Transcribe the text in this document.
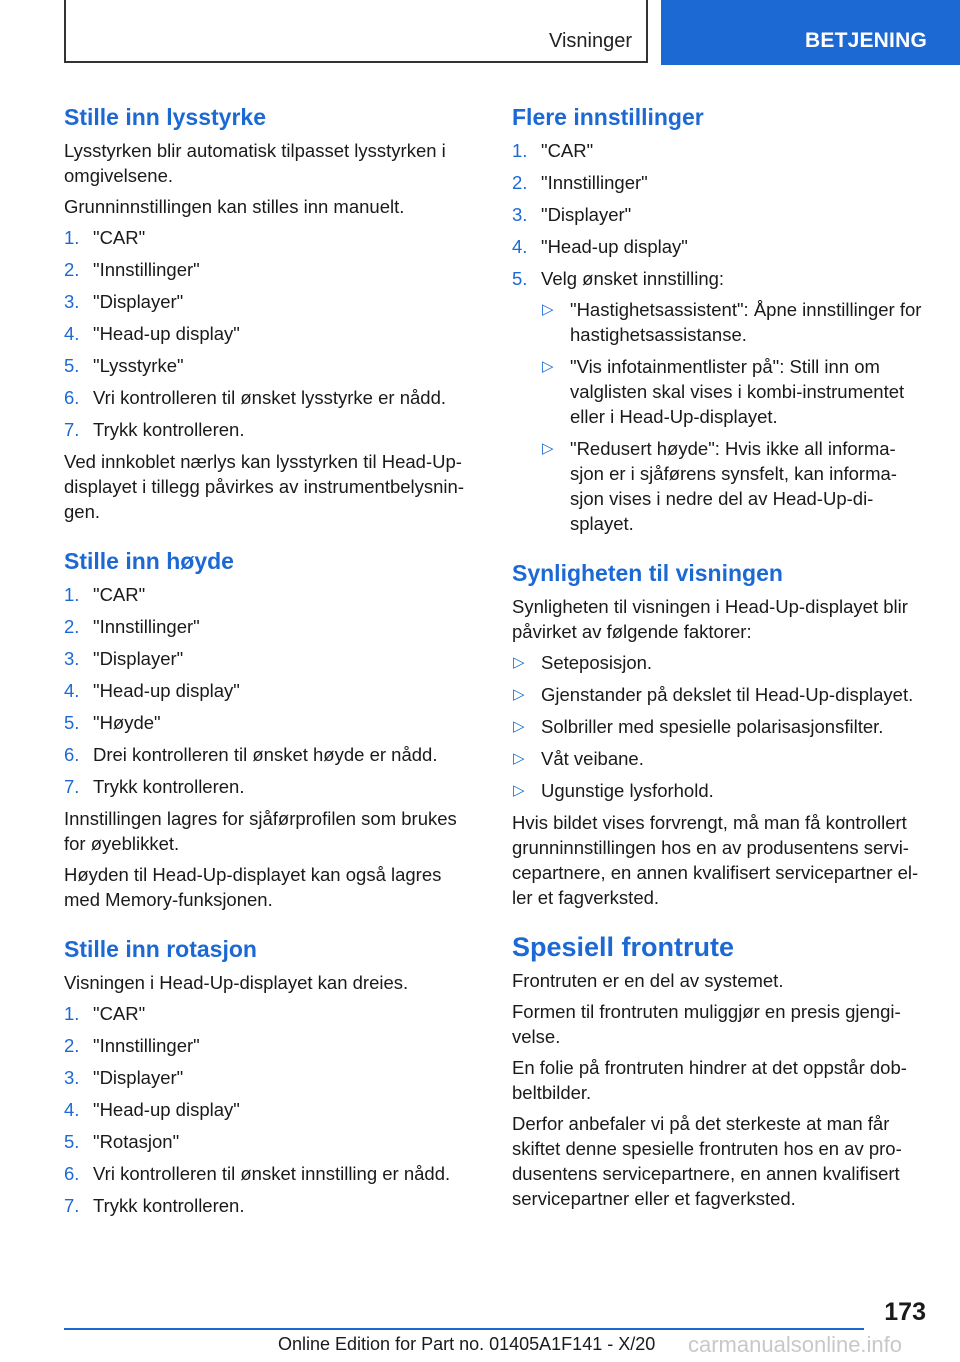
Visninger	BETJENING
Stille inn lysstyrke

Lysstyrken blir automatisk tilpasset lysstyrken i omgivelsene.

Grunninnstillingen kan stilles inn manuelt.

1. "CAR"
2. "Innstillinger"
3. "Displayer"
4. "Head-up display"
5. "Lysstyrke"
6. Vri kontrolleren til ønsket lysstyrke er nådd.
7. Trykk kontrolleren.

Ved innkoblet nærlys kan lysstyrken til Head-Up-displayet i tillegg påvirkes av instrumentbelysnin-gen.

Stille inn høyde
1. "CAR"
2. "Innstillinger"
3. "Displayer"
4. "Head-up display"
5. "Høyde"
6. Drei kontrolleren til ønsket høyde er nådd.
7. Trykk kontrolleren.

Innstillingen lagres for sjåførprofilen som brukes for øyeblikket.

Høyden til Head-Up-displayet kan også lagres med Memory-funksjonen.

Stille inn rotasjon

Visningen i Head-Up-displayet kan dreies.

1. "CAR"
2. "Innstillinger"
3. "Displayer"
4. "Head-up display"
5. "Rotasjon"
6. Vri kontrolleren til ønsket innstilling er nådd.
7. Trykk kontrolleren.
Flere innstillinger
1. "CAR"
2. "Innstillinger"
3. "Displayer"
4. "Head-up display"
5. Velg ønsket innstilling:
▷ "Hastighetsassistent": Åpne innstillinger for hastighetsassistanse.
▷ "Vis infotainmentlister på": Still inn om valglisten skal vises i kombi-instrumentet eller i Head-Up-displayet.
▷ "Redusert høyde": Hvis ikke all informa-sjon er i sjåførens synsfelt, kan informa-sjon vises i nedre del av Head-Up-di-splayet.
Synligheten til visningen

Synligheten til visningen i Head-Up-displayet blir påvirket av følgende faktorer:

▷ Seteposisjon.
▷ Gjenstander på dekslet til Head-Up-displayet.
▷ Solbriller med spesielle polarisasjonsfilter.
▷ Våt veibane.
▷ Ugunstige lysforhold.

Hvis bildet vises forvrengt, må man få kontrollert grunninnstillingen hos en av produsentens servi-cepartnere, en annen kvalifisert servicepartner el-ler et fagverksted.

Spesiell frontrute

Frontruten er en del av systemet.

Formen til frontruten muliggjør en presis gjengi-velse.

En folie på frontruten hindrer at det oppstår dob-beltbilder.

Derfor anbefaler vi på det sterkeste at man får skiftet denne spesielle frontruten hos en av pro-dusentens servicepartnere, en annen kvalifisert servicepartner eller et fagverksted.

173
Online Edition for Part no. 01405A1F141 - X/20 carmanualsonline.info
